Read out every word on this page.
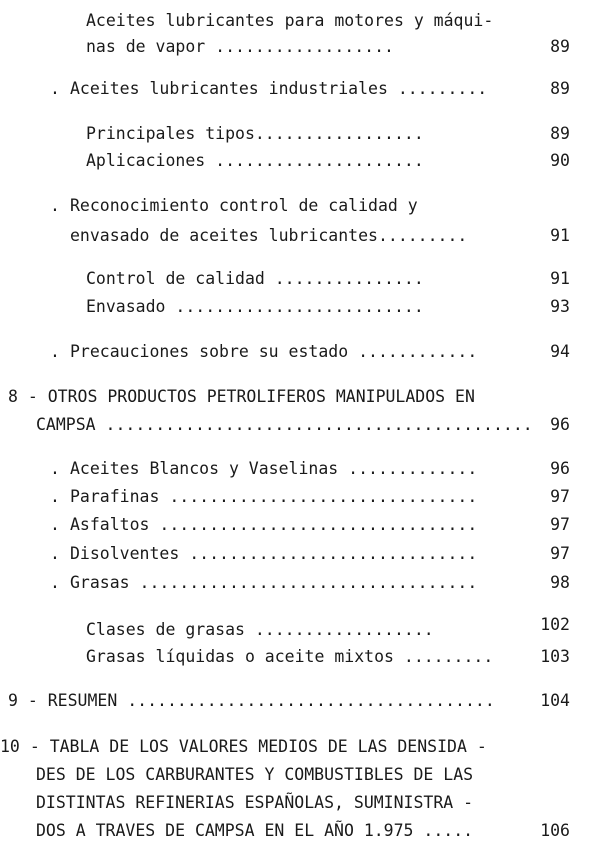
Aceites lubricantes para motores y máqui-
nas de vapor ..................	89
. Aceites lubricantes industriales .........	89
Principales tipos.................	89
Aplicaciones .....................	90
. Reconocimiento control de calidad y
envasado de aceites lubricantes.........	91
Control de calidad ...............	91
Envasado .........................	93
. Precauciones sobre su estado ............	94
8 - OTROS PRODUCTOS PETROLIFEROS MANIPULADOS EN
CAMPSA ........................................... 96
. Aceites Blancos y Vaselinas .............	96
. Parafinas ...............................	97
. Asfaltos ................................	97
. Disolventes .............................	97
. Grasas ..................................	98
Clases de grasas ..................	102
Grasas líquidas o aceite mixtos .........	103
9 - RESUMEN .....................................	104
10 - TABLA DE LOS VALORES MEDIOS DE LAS DENSIDA -
DES DE LOS CARBURANTES Y COMBUSTIBLES DE LAS
DISTINTAS REFINERIAS ESPAÑOLAS, SUMINISTRA -
DOS A TRAVES DE CAMPSA EN EL AÑO 1.975 .....	106
